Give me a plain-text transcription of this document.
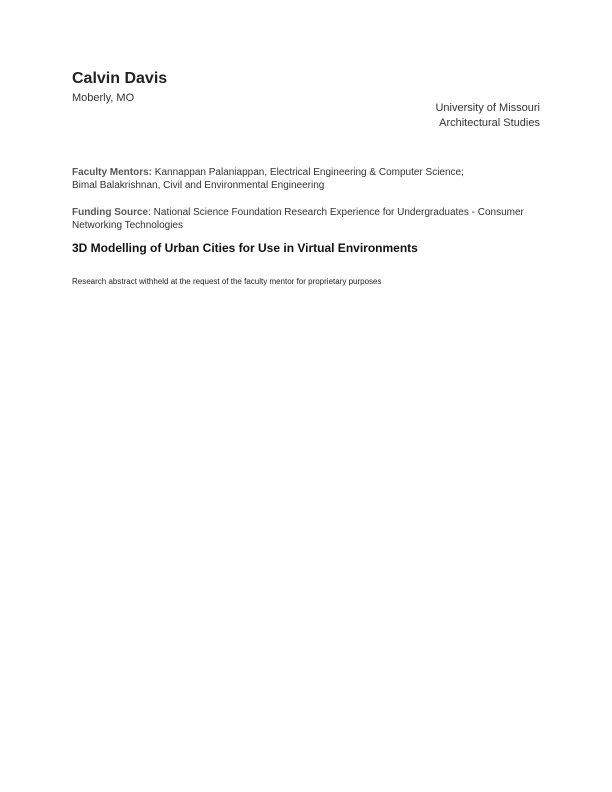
Calvin Davis
Moberly, MO
University of Missouri
Architectural Studies
Faculty Mentors: Kannappan Palaniappan, Electrical Engineering & Computer Science;
Bimal Balakrishnan, Civil and Environmental Engineering
Funding Source: National Science Foundation Research Experience for Undergraduates - Consumer Networking Technologies
3D Modelling of Urban Cities for Use in Virtual Environments
Research abstract withheld at the request of the faculty mentor for proprietary purposes
